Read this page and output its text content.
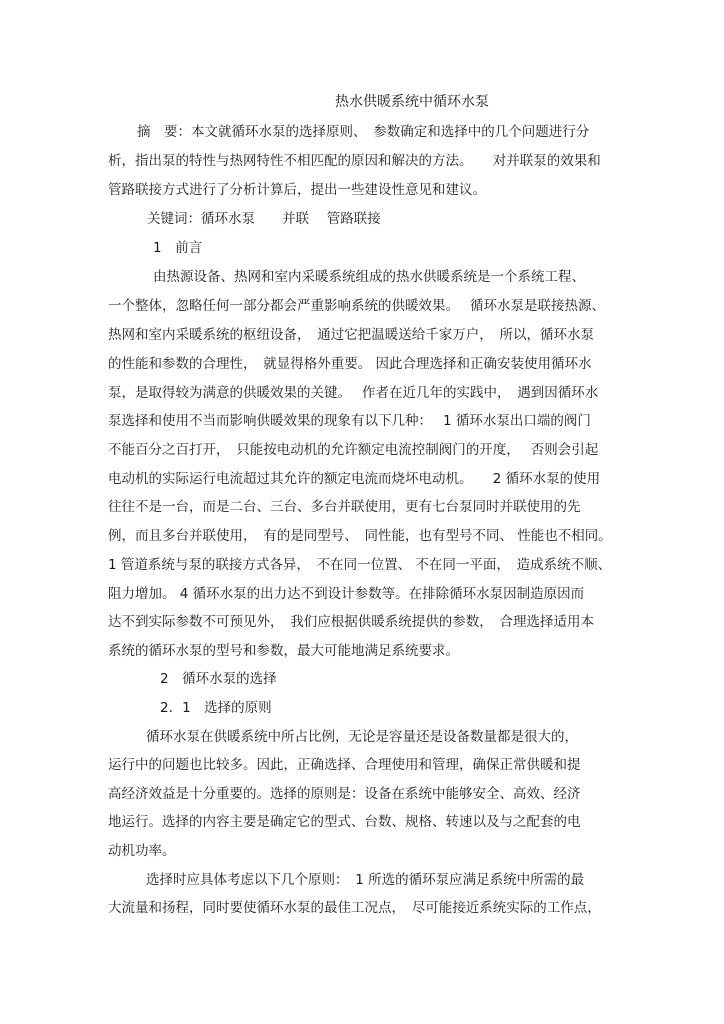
热水供暖系统中循环水泵
摘　要：本文就循环水泵的选择原则、　参数确定和选择中的几个问题进行分
析，指出泵的特性与热网特性不相匹配的原因和解决的方法。　　对并联泵的效果和
管路联接方式进行了分析计算后，提出一些建设性意见和建议。
关键词：循环水泵　　并联　 管路联接
1　前言
由热源设备、热网和室内采暖系统组成的热水供暖系统是一个系统工程、
一个整体，忽略任何一部分都会严重影响系统的供暖效果。　 循环水泵是联接热源、
热网和室内采暖系统的枢纽设备，　通过它把温暖送给千家万户，　所以，循环水泵
的性能和参数的合理性，　就显得格外重要。 因此合理选择和正确安装使用循环水
泵，是取得较为满意的供暖效果的关键。　 作者在近几年的实践中，　遇到因循环水
泵选择和使用不当而影响供暖效果的现象有以下几种：　 1 循环水泵出口端的阀门
不能百分之百打开，　只能按电动机的允许额定电流控制阀门的开度，　 否则会引起
电动机的实际运行电流超过其允许的额定电流而烧坏电动机。　　2 循环水泵的使用
往往不是一台，而是二台、三台、多台并联使用，更有七台泵同时并联使用的先
例，而且多台并联使用，　有的是同型号、　同性能，也有型号不同、 性能也不相同。
1 管道系统与泵的联接方式各异，　不在同一位置、 不在同一平面，　造成系统不顺、
阻力增加。 4 循环水泵的出力达不到设计参数等。在排除循环水泵因制造原因而
达不到实际参数不可预见外，　我们应根据供暖系统提供的参数，　合理选择适用本
系统的循环水泵的型号和参数，最大可能地满足系统要求。
2　循环水泵的选择
2．1　选择的原则
循环水泵在供暖系统中所占比例，无论是容量还是设备数量都是很大的，
运行中的问题也比较多。因此，正确选择、合理使用和管理，确保正常供暖和提
高经济效益是十分重要的。选择的原则是：设备在系统中能够安全、高效、经济
地运行。选择的内容主要是确定它的型式、台数、规格、转速以及与之配套的电
动机功率。
选择时应具体考虑以下几个原则：　1 所选的循环泵应满足系统中所需的最
大流量和扬程，同时要使循环水泵的最佳工况点，　尽可能接近系统实际的工作点，
